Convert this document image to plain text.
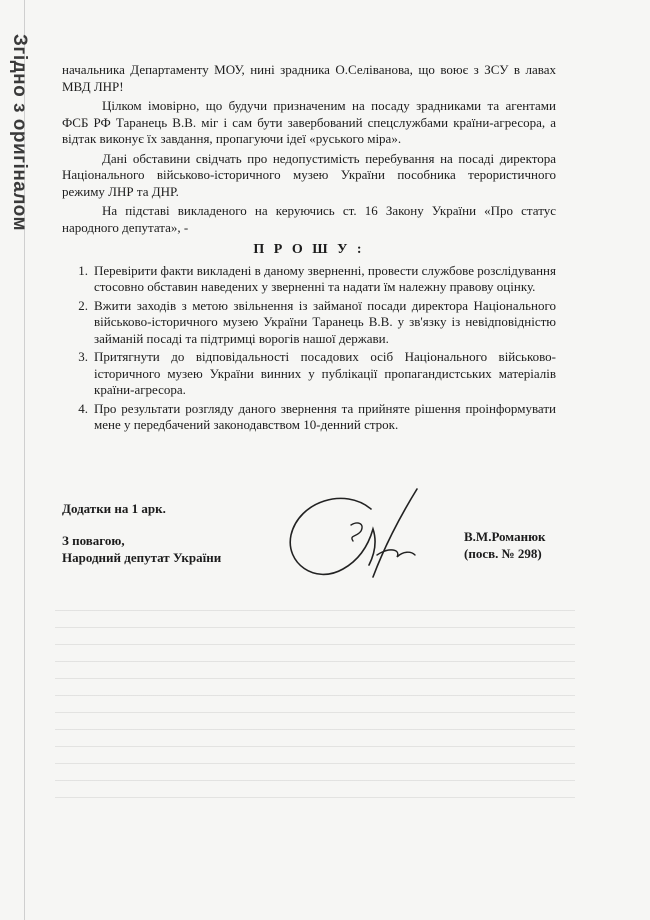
Згідно з оригіналом начальника Департаменту МОУ, нині зрадника О.Селіванова, що воює з ЗСУ в лавах МВД ЛНР!

Цілком імовірно, що будучи призначеним на посаду зрадниками та агентами ФСБ РФ Таранець В.В. міг і сам бути завербований спецслужбами країни-агресора, а відтак виконує їх завдання, пропагуючи ідеї «руського міра».

Дані обставини свідчать про недопустимість перебування на посаді директора Національного військово-історичного музею України пособника терористичного режиму ЛНР та ДНР.

На підставі викладеного на керуючись ст. 16 Закону України «Про статус народного депутата», -

П Р О Ш У :
1. Перевірити факти викладені в даному зверненні, провести службове розслідування стосовно обставин наведених у зверненні та надати їм належну правову оцінку.
2. Вжити заходів з метою звільнення із займаної посади директора Національного військово-історичного музею України Таранець В.В. у зв'язку із невідповідністю займаній посаді та підтримці ворогів нашої держави.
3. Притягнути до відповідальності посадових осіб Національного військово-історичного музею України винних у публікації пропагандистських матеріалів країни-агресора.
4. Про результати розгляду даного звернення та прийняте рішення проінформувати мене у передбачений законодавством 10-денний строк.
Додатки на 1 арк.
З повагою,
Народний депутат України
В.М.Романюк
(посв. № 298)
